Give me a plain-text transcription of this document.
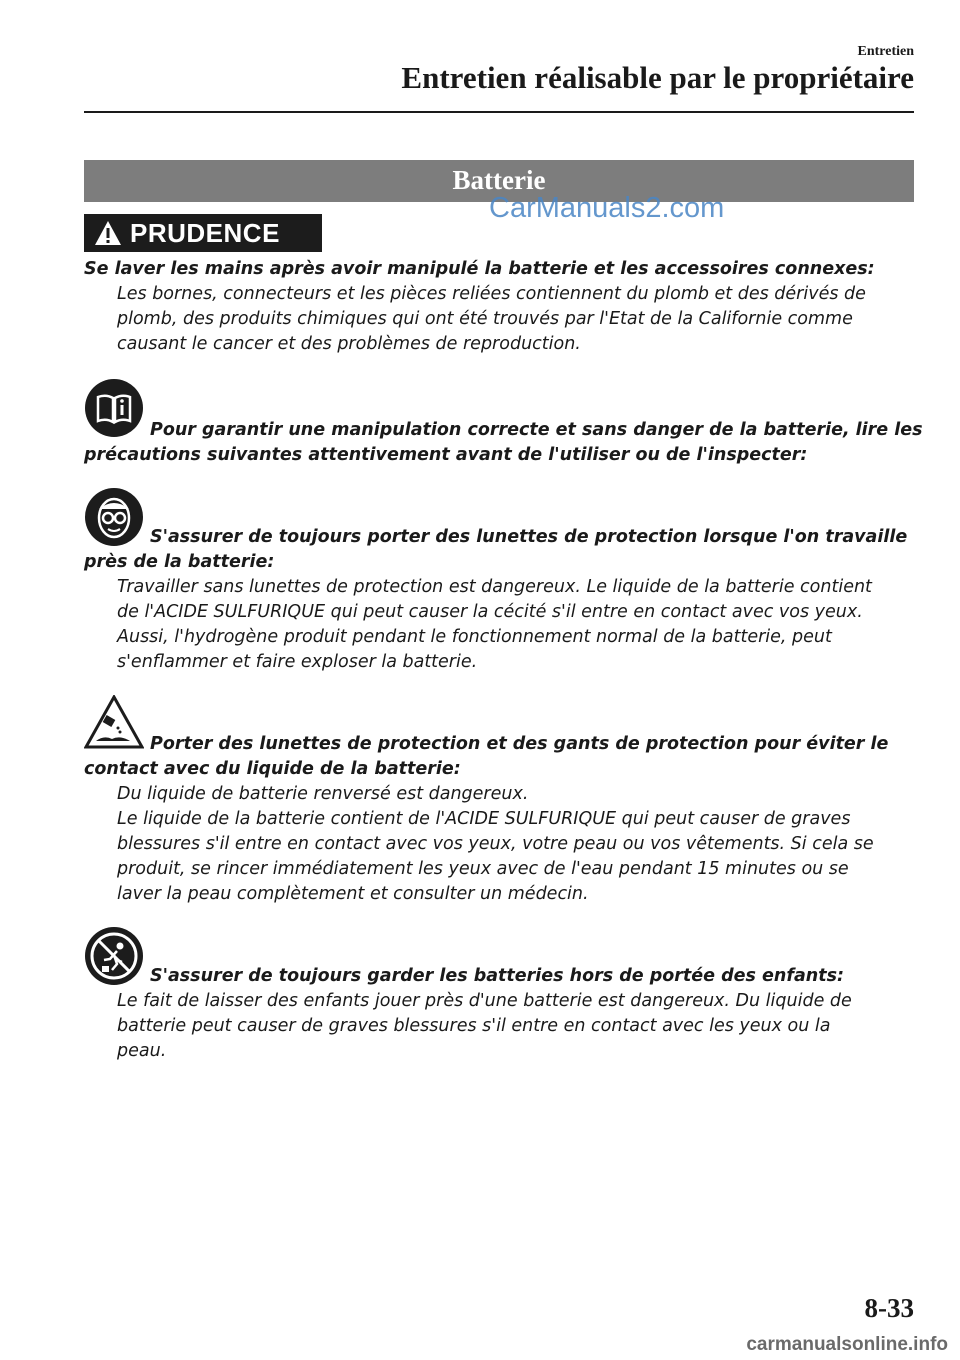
Entretien
Entretien réalisable par le propriétaire
Batterie
CarManuals2.com
PRUDENCE
Se laver les mains après avoir manipulé la batterie et les accessoires connexes:
Les bornes, connecteurs et les pièces reliées contiennent du plomb et des dérivés de
plomb, des produits chimiques qui ont été trouvés par l'Etat de la Californie comme
causant le cancer et des problèmes de reproduction.
Pour garantir une manipulation correcte et sans danger de la batterie, lire les
précautions suivantes attentivement avant de l'utiliser ou de l'inspecter:
S'assurer de toujours porter des lunettes de protection lorsque l'on travaille
près de la batterie:
Travailler sans lunettes de protection est dangereux. Le liquide de la batterie contient
de l'ACIDE SULFURIQUE qui peut causer la cécité s'il entre en contact avec vos yeux.
Aussi, l'hydrogène produit pendant le fonctionnement normal de la batterie, peut
s'enflammer et faire exploser la batterie.
Porter des lunettes de protection et des gants de protection pour éviter le
contact avec du liquide de la batterie:
Du liquide de batterie renversé est dangereux.
Le liquide de la batterie contient de l'ACIDE SULFURIQUE qui peut causer de graves
blessures s'il entre en contact avec vos yeux, votre peau ou vos vêtements. Si cela se
produit, se rincer immédiatement les yeux avec de l'eau pendant 15 minutes ou se
laver la peau complètement et consulter un médecin.
S'assurer de toujours garder les batteries hors de portée des enfants:
Le fait de laisser des enfants jouer près d'une batterie est dangereux. Du liquide de
batterie peut causer de graves blessures s'il entre en contact avec les yeux ou la
peau.
8-33
carmanualsonline.info
